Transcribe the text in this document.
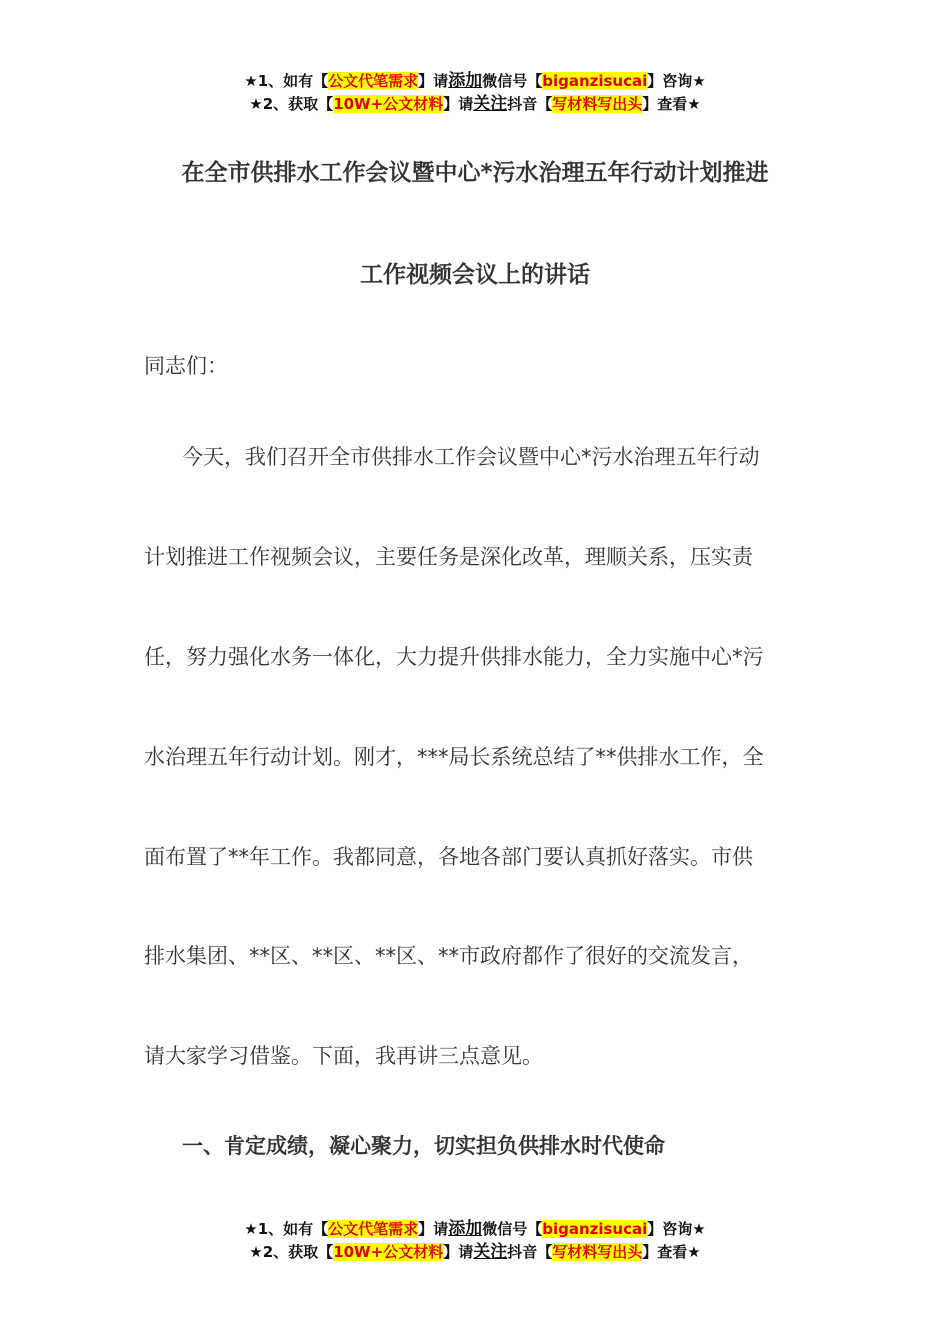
★1、如有【公文代笔需求】请添加微信号【biganzisucai】咨询★
★2、获取【10W+公文材料】请关注抖音【写材料写出头】查看★
在全市供排水工作会议暨中心*污水治理五年行动计划推进
工作视频会议上的讲话
同志们：
今天，我们召开全市供排水工作会议暨中心*污水治理五年行动
计划推进工作视频会议，主要任务是深化改革，理顺关系，压实责
任，努力强化水务一体化，大力提升供排水能力，全力实施中心*污
水治理五年行动计划。刚才，***局长系统总结了**供排水工作，全
面布置了**年工作。我都同意，各地各部门要认真抓好落实。市供
排水集团、**区、**区、**区、**市政府都作了很好的交流发言，
请大家学习借鉴。下面，我再讲三点意见。
一、肯定成绩，凝心聚力，切实担负供排水时代使命
★1、如有【公文代笔需求】请添加微信号【biganzisucai】咨询★
★2、获取【10W+公文材料】请关注抖音【写材料写出头】查看★
